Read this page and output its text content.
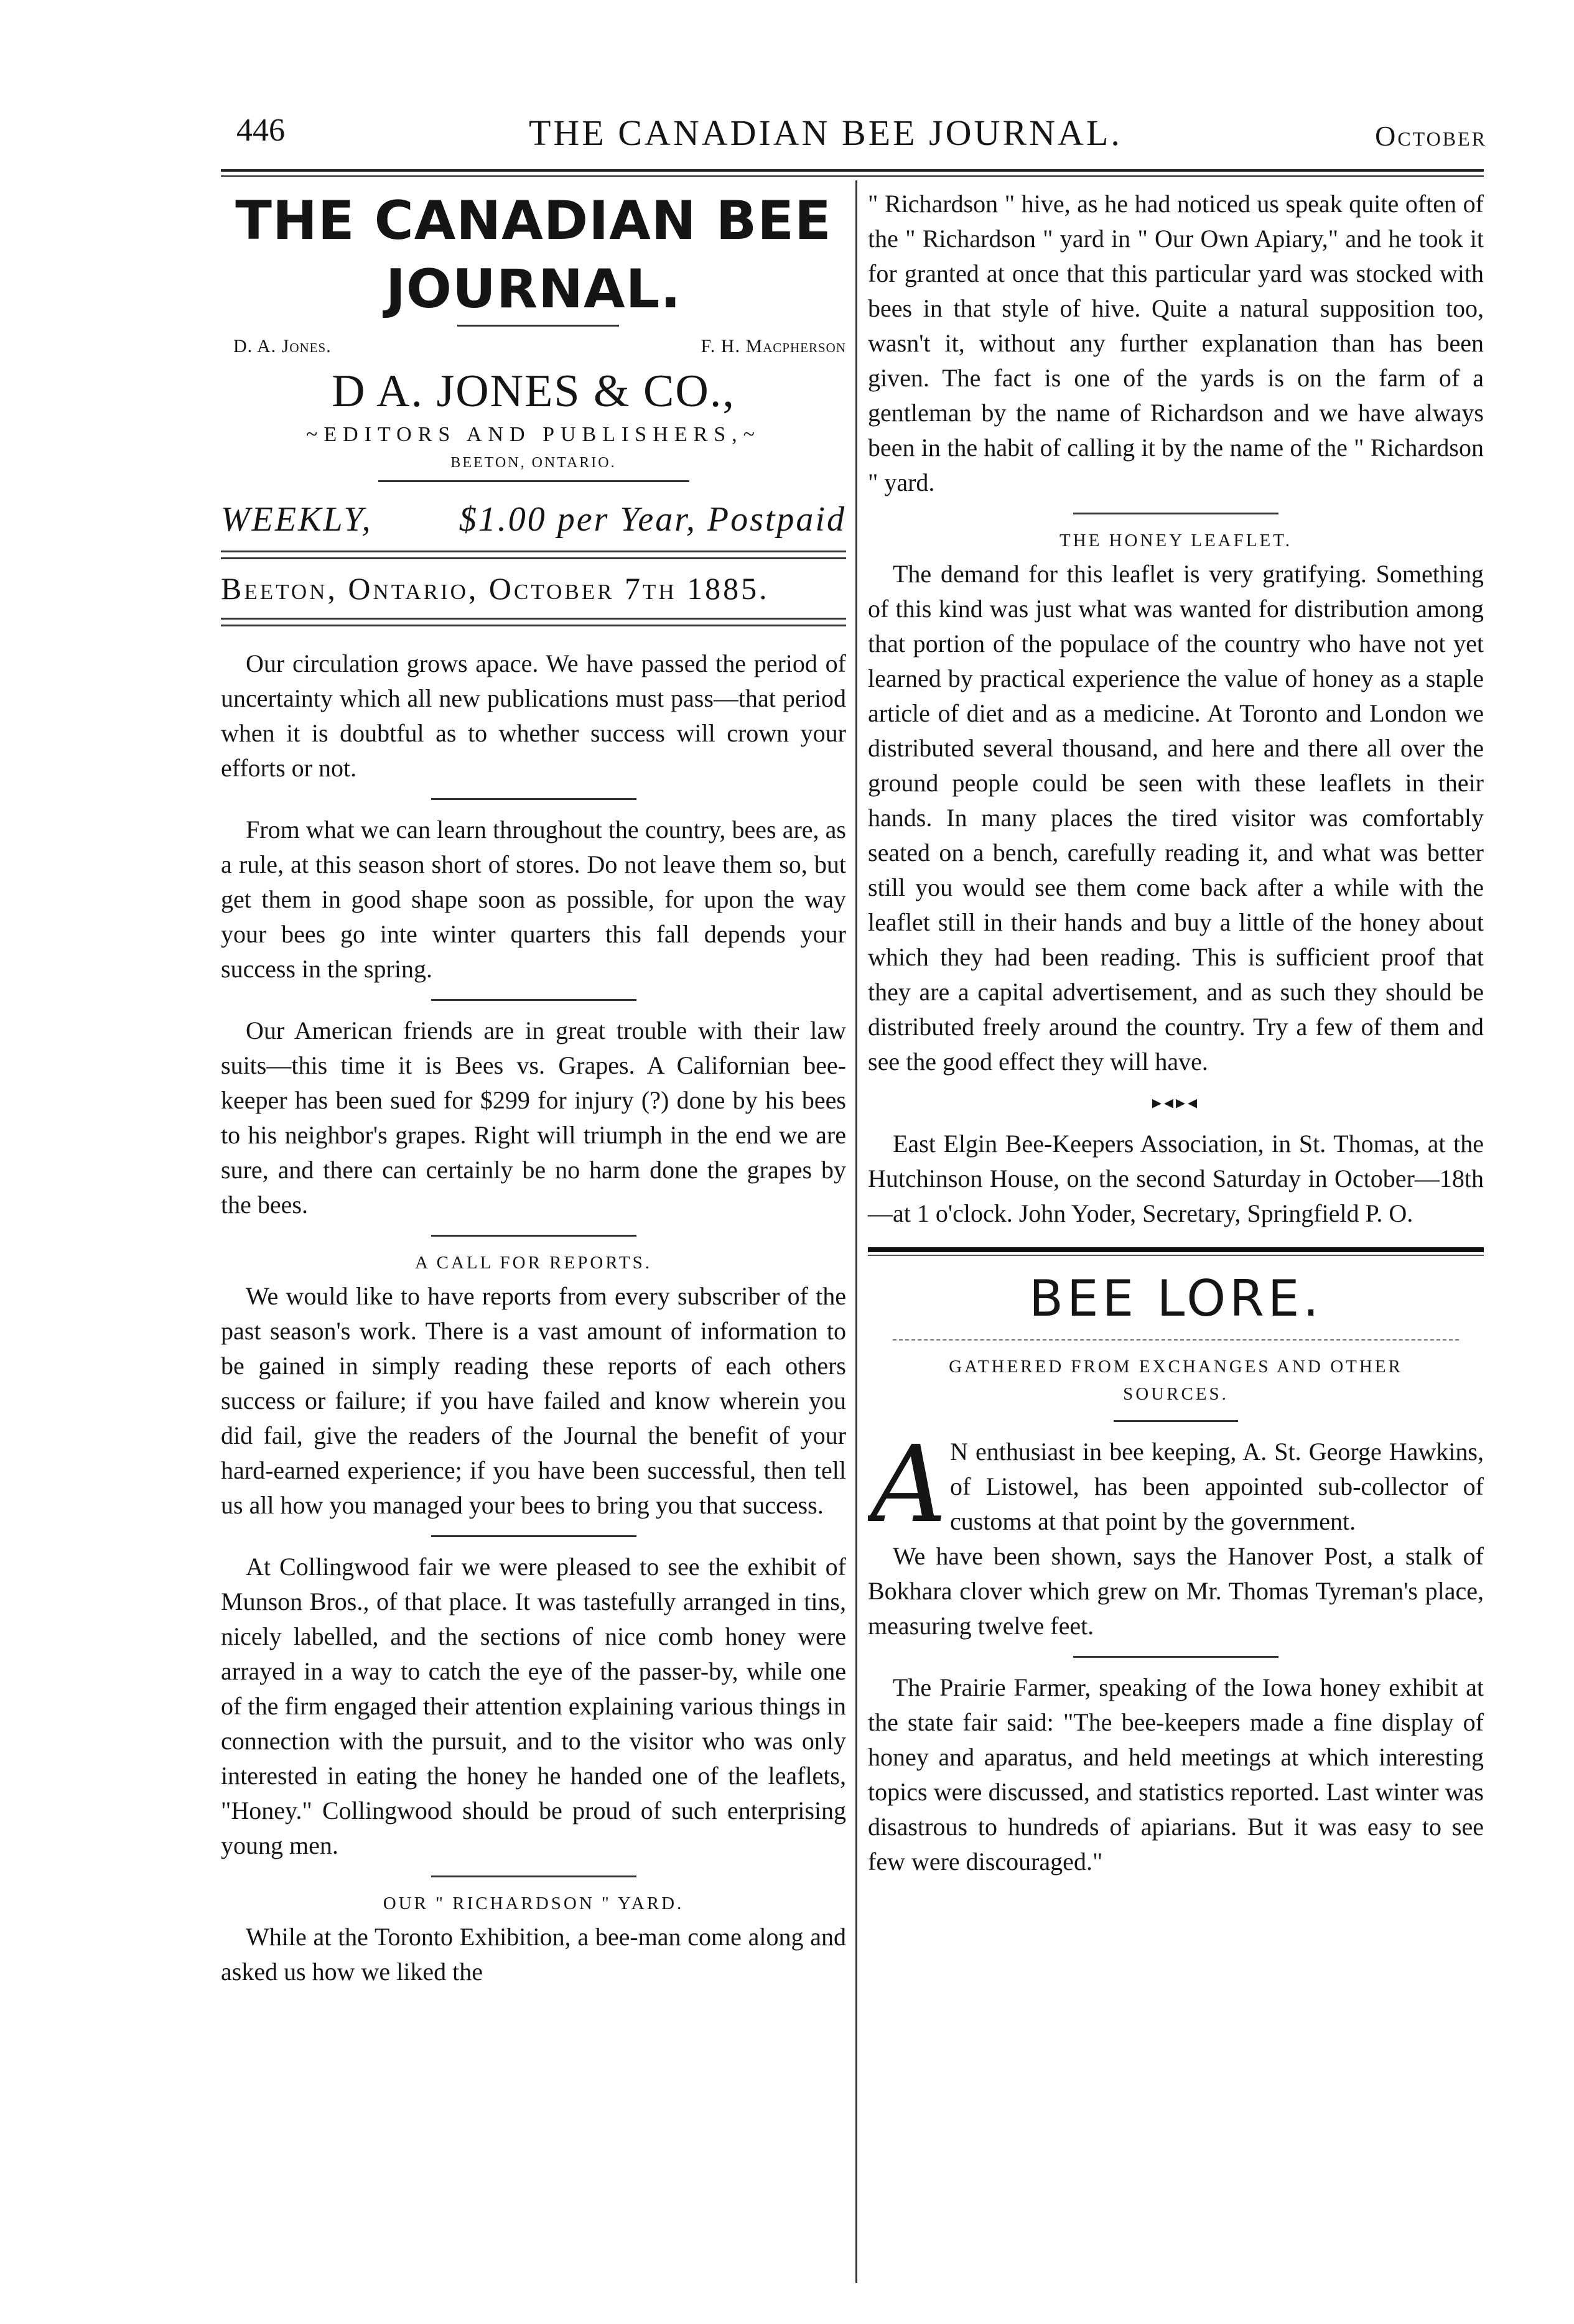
446	THE CANADIAN BEE JOURNAL.	October
THE CANADIAN BEE JOURNAL.
D. A. Jones.	F. H. Macpherson
D A. JONES & CO.,
~EDITORS AND PUBLISHERS,~
BEETON, ONTARIO.
WEEKLY, $1.00 per Year, Postpaid
Beeton, Ontario, October 7th 1885.

Our circulation grows apace. We have passed the period of uncertainty which all new publications must pass—that period when it is doubtful as to whether success will crown your efforts or not.

From what we can learn throughout the country, bees are, as a rule, at this season short of stores. Do not leave them so, but get them in good shape soon as possible, for upon the way your bees go inte winter quarters this fall depends your success in the spring.

Our American friends are in great trouble with their law suits—this time it is Bees vs. Grapes. A Californian bee-keeper has been sued for $299 for injury (?) done by his bees to his neighbor's grapes. Right will triumph in the end we are sure, and there can certainly be no harm done the grapes by the bees.

A CALL FOR REPORTS.

We would like to have reports from every subscriber of the past season's work. There is a vast amount of information to be gained in simply reading these reports of each others success or failure; if you have failed and know wherein you did fail, give the readers of the Journal the benefit of your hard-earned experience; if you have been successful, then tell us all how you managed your bees to bring you that success.

At Collingwood fair we were pleased to see the exhibit of Munson Bros., of that place. It was tastefully arranged in tins, nicely labelled, and the sections of nice comb honey were arrayed in a way to catch the eye of the passer-by, while one of the firm engaged their attention explaining various things in connection with the pursuit, and to the visitor who was only interested in eating the honey he handed one of the leaflets, "Honey." Collingwood should be proud of such enterprising young men.

OUR " RICHARDSON " YARD.

While at the Toronto Exhibition, a bee-man come along and asked us how we liked the

" Richardson " hive, as he had noticed us speak quite often of the " Richardson " yard in " Our Own Apiary," and he took it for granted at once that this particular yard was stocked with bees in that style of hive. Quite a natural supposition too, wasn't it, without any further explanation than has been given. The fact is one of the yards is on the farm of a gentleman by the name of Richardson and we have always been in the habit of calling it by the name of the " Richardson " yard.

THE HONEY LEAFLET.

The demand for this leaflet is very gratifying. Something of this kind was just what was wanted for distribution among that portion of the populace of the country who have not yet learned by practical experience the value of honey as a staple article of diet and as a medicine. At Toronto and London we distributed several thousand, and here and there all over the ground people could be seen with these leaflets in their hands. In many places the tired visitor was comfortably seated on a bench, carefully reading it, and what was better still you would see them come back after a while with the leaflet still in their hands and buy a little of the honey about which they had been reading. This is sufficient proof that they are a capital advertisement, and as such they should be distributed freely around the country. Try a few of them and see the good effect they will have.

▸◂▸◂

East Elgin Bee-Keepers Association, in St. Thomas, at the Hutchinson House, on the second Saturday in October—18th—at 1 o'clock. John Yoder, Secretary, Springfield P. O.

BEE LORE.
GATHERED FROM EXCHANGES AND OTHER SOURCES.
A N enthusiast in bee keeping, A. St. George Hawkins, of Listowel, has been appointed sub-collector of customs at that point by the government.

We have been shown, says the Hanover Post, a stalk of Bokhara clover which grew on Mr. Thomas Tyreman's place, measuring twelve feet.

The Prairie Farmer, speaking of the Iowa honey exhibit at the state fair said: "The bee-keepers made a fine display of honey and aparatus, and held meetings at which interesting topics were discussed, and statistics reported. Last winter was disastrous to hundreds of apiarians. But it was easy to see few were discouraged."
